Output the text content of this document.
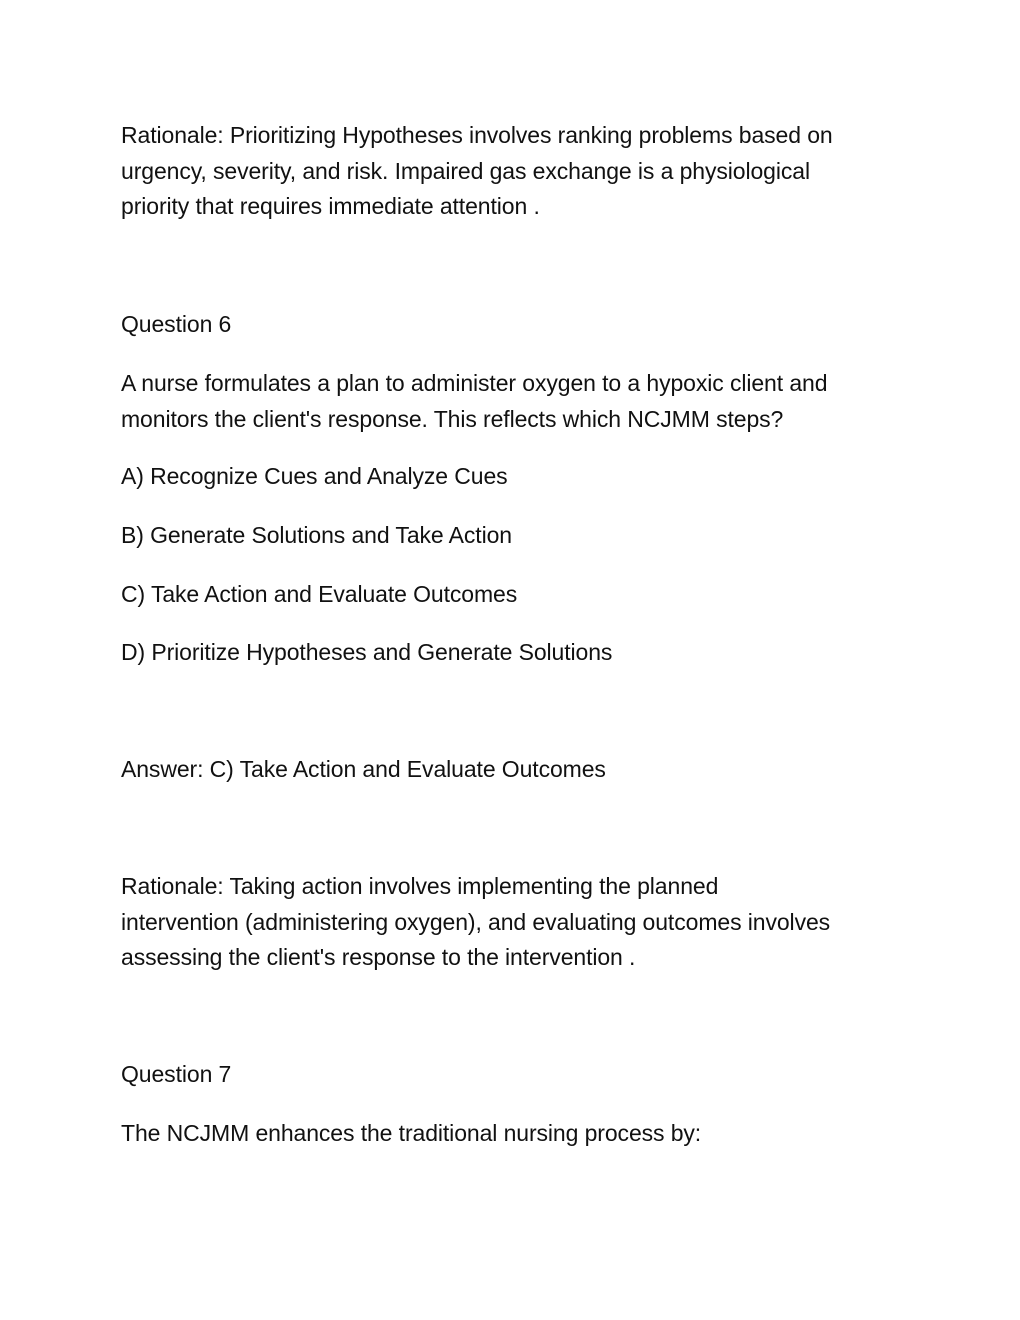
Rationale: Prioritizing Hypotheses involves ranking problems based on
urgency, severity, and risk. Impaired gas exchange is a physiological
priority that requires immediate attention .

Question 6

A nurse formulates a plan to administer oxygen to a hypoxic client and
monitors the client's response. This reflects which NCJMM steps?

A) Recognize Cues and Analyze Cues

B) Generate Solutions and Take Action

C) Take Action and Evaluate Outcomes

D) Prioritize Hypotheses and Generate Solutions

Answer: C) Take Action and Evaluate Outcomes

Rationale: Taking action involves implementing the planned
intervention (administering oxygen), and evaluating outcomes involves
assessing the client's response to the intervention .

Question 7

The NCJMM enhances the traditional nursing process by:
